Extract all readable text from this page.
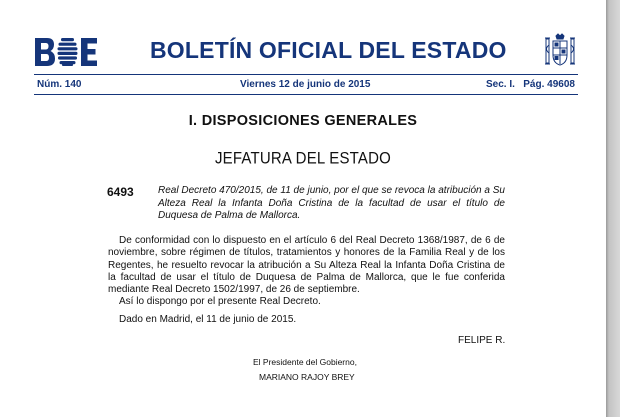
BOLETÍN OFICIAL DEL ESTADO
Núm. 140	Viernes 12 de junio de 2015	Sec. I.   Pág. 49608
I. DISPOSICIONES GENERALES
JEFATURA DEL ESTADO
6493 Real Decreto 470/2015, de 11 de junio, por el que se revoca la atribución a Su Alteza Real la Infanta Doña Cristina de la facultad de usar el título de Duquesa de Palma de Mallorca.

De conformidad con lo dispuesto en el artículo 6 del Real Decreto 1368/1987, de 6 de noviembre, sobre régimen de títulos, tratamientos y honores de la Familia Real y de los Regentes, he resuelto revocar la atribución a Su Alteza Real la Infanta Doña Cristina de la facultad de usar el título de Duquesa de Palma de Mallorca, que le fue conferida mediante Real Decreto 1502/1997, de 26 de septiembre.

Así lo dispongo por el presente Real Decreto.

Dado en Madrid, el 11 de junio de 2015.
FELIPE R.
El Presidente del Gobierno,
MARIANO RAJOY BREY
